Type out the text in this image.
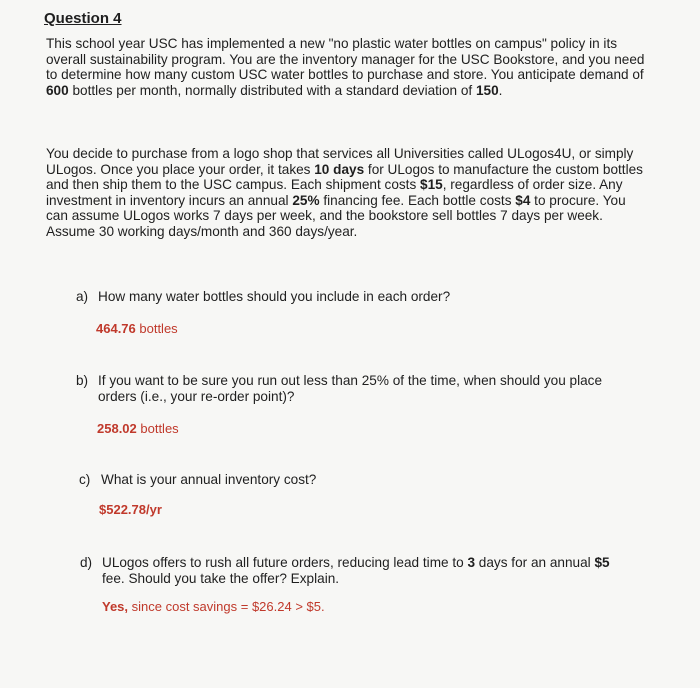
Question 4
This school year USC has implemented a new "no plastic water bottles on campus" policy in its overall sustainability program. You are the inventory manager for the USC Bookstore, and you need to determine how many custom USC water bottles to purchase and store. You anticipate demand of 600 bottles per month, normally distributed with a standard deviation of 150.
You decide to purchase from a logo shop that services all Universities called ULogos4U, or simply ULogos. Once you place your order, it takes 10 days for ULogos to manufacture the custom bottles and then ship them to the USC campus. Each shipment costs $15, regardless of order size. Any investment in inventory incurs an annual 25% financing fee. Each bottle costs $4 to procure. You can assume ULogos works 7 days per week, and the bookstore sell bottles 7 days per week. Assume 30 working days/month and 360 days/year.
a) How many water bottles should you include in each order?
464.76 bottles
b) If you want to be sure you run out less than 25% of the time, when should you place orders (i.e., your re-order point)?
258.02 bottles
c) What is your annual inventory cost?
$522.78/yr
d) ULogos offers to rush all future orders, reducing lead time to 3 days for an annual $5 fee. Should you take the offer? Explain.
Yes, since cost savings = $26.24 > $5.
